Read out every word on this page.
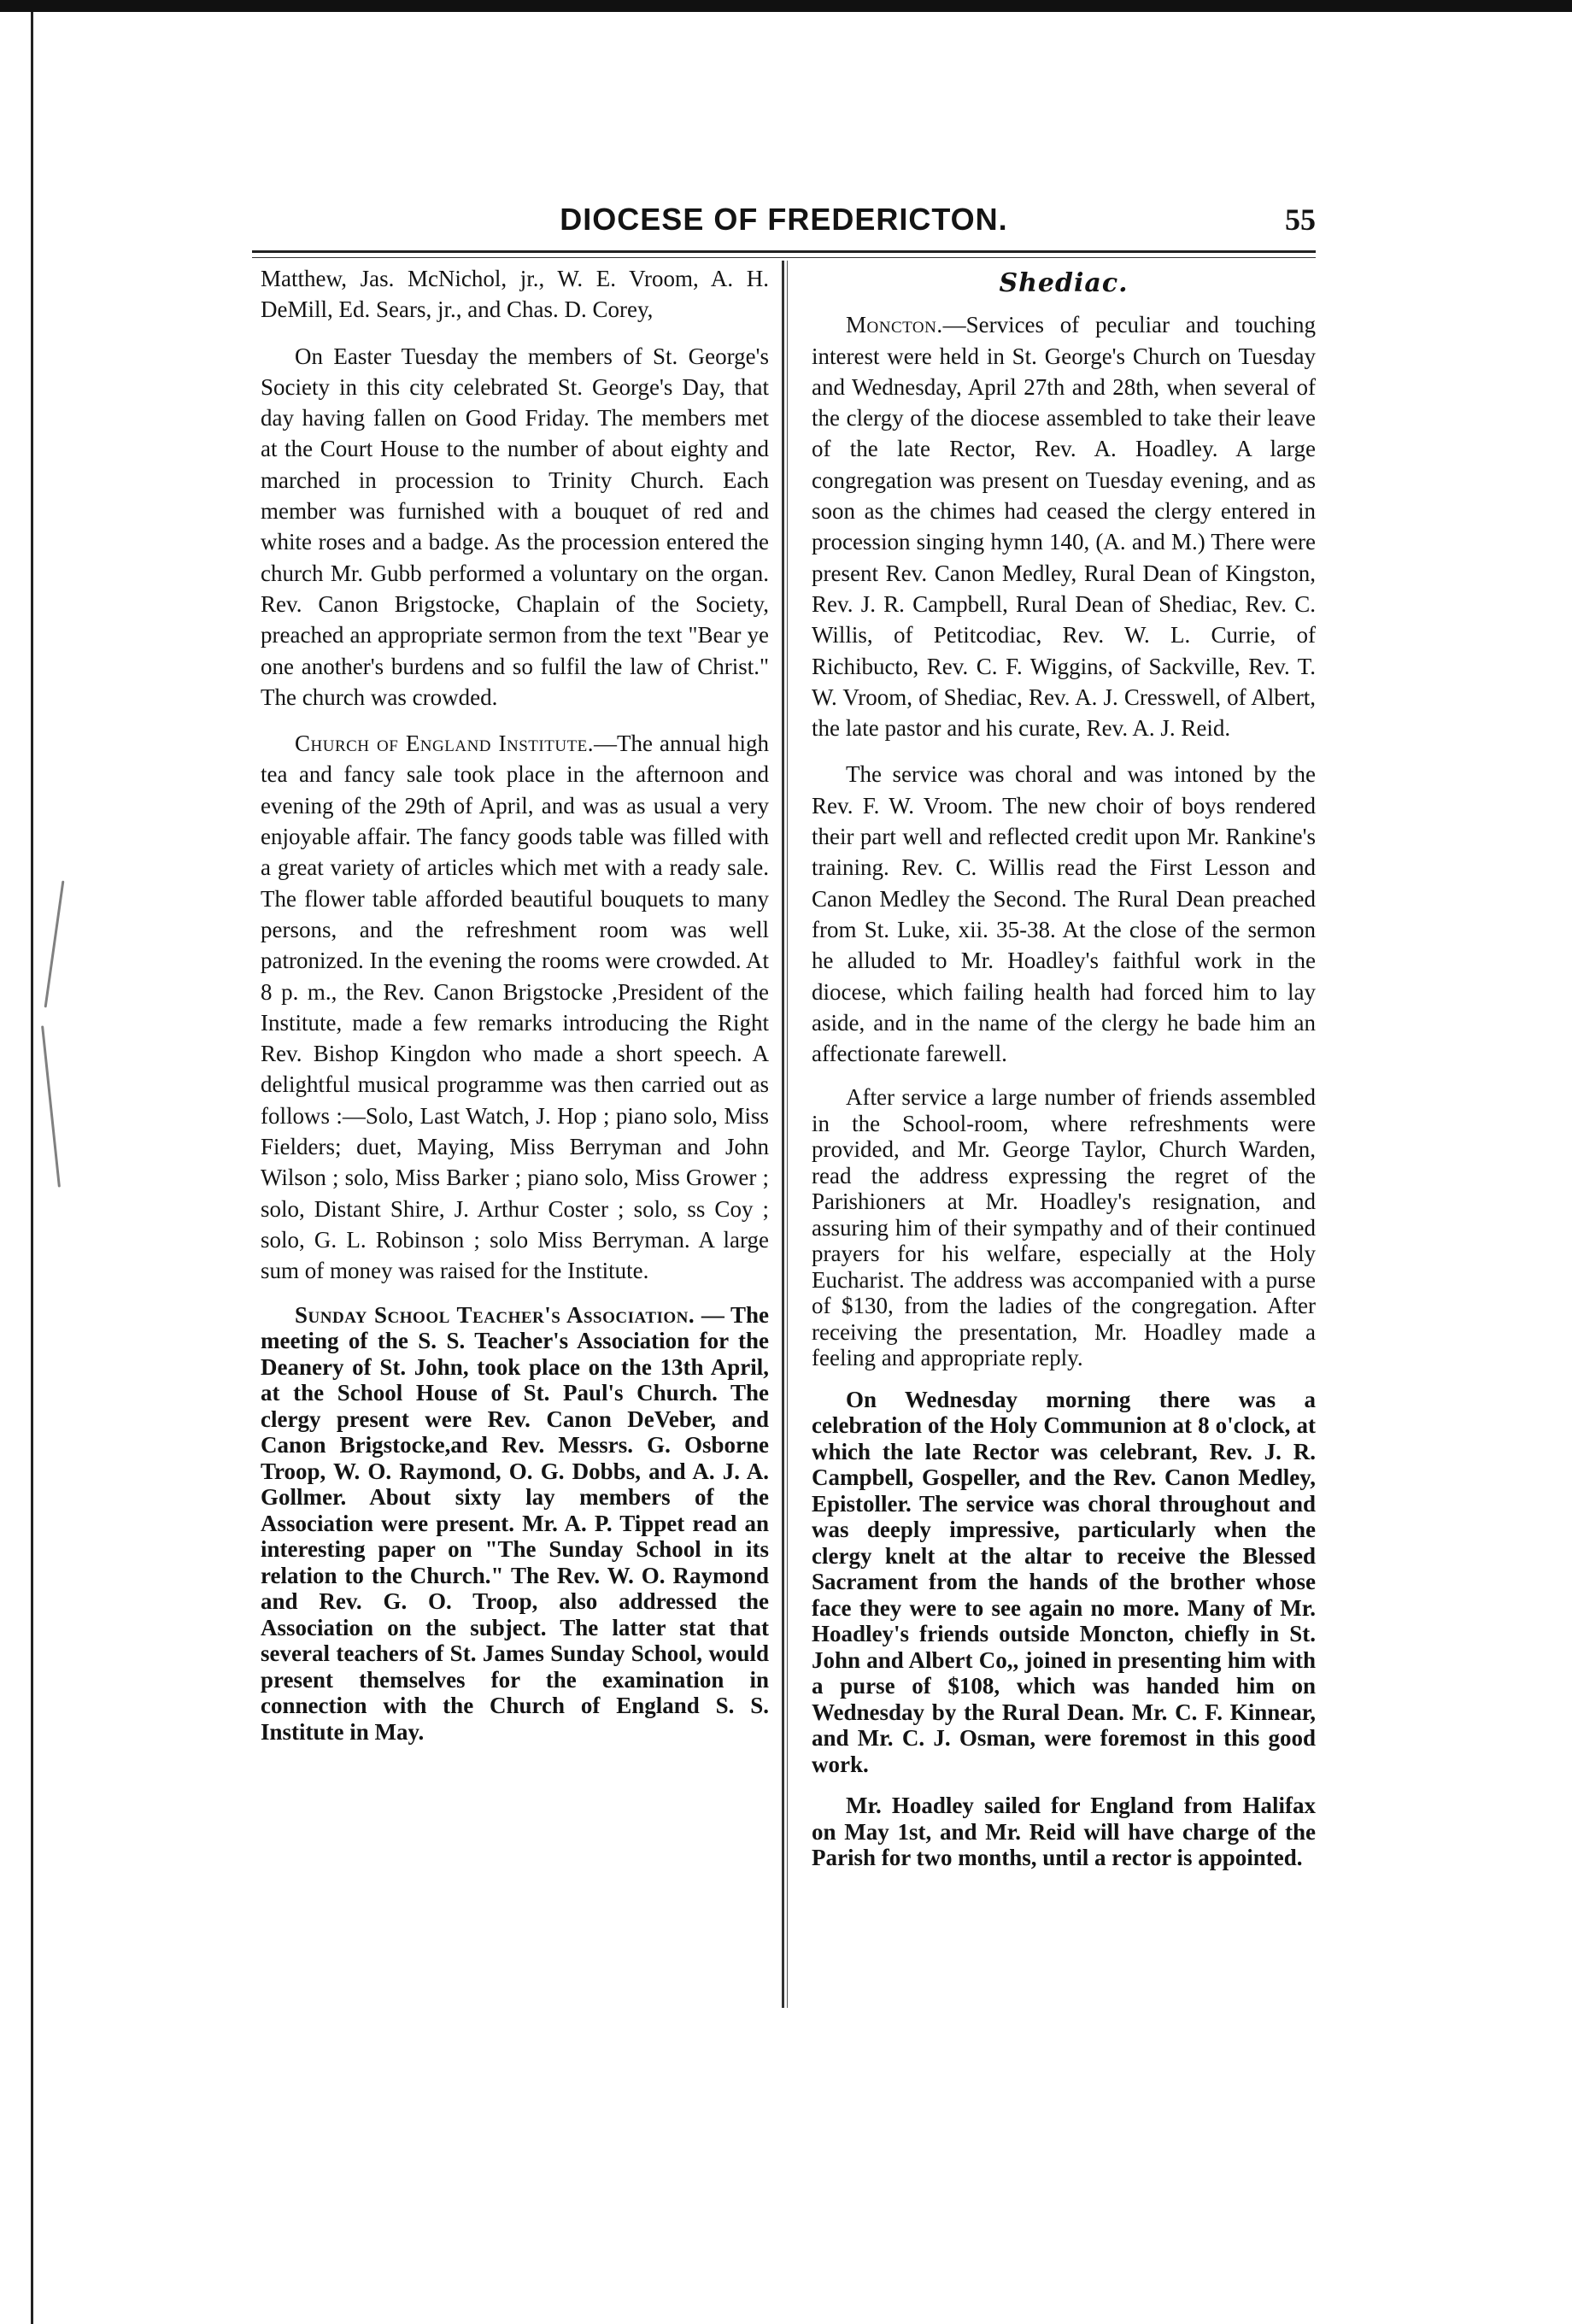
DIOCESE OF FREDERICTON.	55

Matthew, Jas. McNichol, jr., W. E. Vroom, A. H. DeMill, Ed. Sears, jr., and Chas. D. Corey,

On Easter Tuesday the members of St. George's Society in this city celebrated St. George's Day, that day having fallen on Good Friday. The members met at the Court House to the number of about eighty and marched in procession to Trinity Church. Each member was furnished with a bouquet of red and white roses and a badge. As the procession entered the church Mr. Gubb performed a voluntary on the organ. Rev. Canon Brigstocke, Chaplain of the Society, preached an appropriate sermon from the text "Bear ye one another's burdens and so fulfil the law of Christ." The church was crowded.

Church of England Institute.—The annual high tea and fancy sale took place in the afternoon and evening of the 29th of April, and was as usual a very enjoyable affair. The fancy goods table was filled with a great variety of articles which met with a ready sale. The flower table afforded beautiful bouquets to many persons, and the refreshment room was well patronized. In the evening the rooms were crowded. At 8 p. m., the Rev. Canon Brigstocke ,President of the Institute, made a few remarks introducing the Right Rev. Bishop Kingdon who made a short speech. A delightful musical programme was then carried out as follows :—Solo, Last Watch, J. Hop ; piano solo, Miss Fielders; duet, Maying, Miss Berryman and John Wilson ; solo, Miss Barker ; piano solo, Miss Grower ; solo, Distant Shire, J. Arthur Coster ; solo, ss Coy ; solo, G. L. Robinson ; solo Miss Berryman. A large sum of money was raised for the Institute.

Sunday School Teacher's Association. — The meeting of the S. S. Teacher's Association for the Deanery of St. John, took place on the 13th April, at the School House of St. Paul's Church. The clergy present were Rev. Canon DeVeber, and Canon Brigstocke,and Rev. Messrs. G. Osborne Troop, W. O. Raymond, O. G. Dobbs, and A. J. A. Gollmer. About sixty lay members of the Association were present. Mr. A. P. Tippet read an interesting paper on "The Sunday School in its relation to the Church." The Rev. W. O. Raymond and Rev. G. O. Troop, also addressed the Association on the subject. The latter stat that several teachers of St. James Sunday School, would present themselves for the examination in connection with the Church of England S. S. Institute in May.

Shediac.

Moncton.—Services of peculiar and touching interest were held in St. George's Church on Tuesday and Wednesday, April 27th and 28th, when several of the clergy of the diocese assembled to take their leave of the late Rector, Rev. A. Hoadley. A large congregation was present on Tuesday evening, and as soon as the chimes had ceased the clergy entered in procession singing hymn 140, (A. and M.) There were present Rev. Canon Medley, Rural Dean of Kingston, Rev. J. R. Campbell, Rural Dean of Shediac, Rev. C. Willis, of Petitcodiac, Rev. W. L. Currie, of Richibucto, Rev. C. F. Wiggins, of Sackville, Rev. T. W. Vroom, of Shediac, Rev. A. J. Cresswell, of Albert, the late pastor and his curate, Rev. A. J. Reid.

The service was choral and was intoned by the Rev. F. W. Vroom. The new choir of boys rendered their part well and reflected credit upon Mr. Rankine's training. Rev. C. Willis read the First Lesson and Canon Medley the Second. The Rural Dean preached from St. Luke, xii. 35-38. At the close of the sermon he alluded to Mr. Hoadley's faithful work in the diocese, which failing health had forced him to lay aside, and in the name of the clergy he bade him an affectionate farewell.

After service a large number of friends assembled in the School-room, where refreshments were provided, and Mr. George Taylor, Church Warden, read the address expressing the regret of the Parishioners at Mr. Hoadley's resignation, and assuring him of their sympathy and of their continued prayers for his welfare, especially at the Holy Eucharist. The address was accompanied with a purse of $130, from the ladies of the congregation. After receiving the presentation, Mr. Hoadley made a feeling and appropriate reply.

On Wednesday morning there was a celebration of the Holy Communion at 8 o'clock, at which the late Rector was celebrant, Rev. J. R. Campbell, Gospeller, and the Rev. Canon Medley, Epistoller. The service was choral throughout and was deeply impressive, particularly when the clergy knelt at the altar to receive the Blessed Sacrament from the hands of the brother whose face they were to see again no more. Many of Mr. Hoadley's friends outside Moncton, chiefly in St. John and Albert Co,, joined in presenting him with a purse of $108, which was handed him on Wednesday by the Rural Dean. Mr. C. F. Kinnear, and Mr. C. J. Osman, were foremost in this good work.

Mr. Hoadley sailed for England from Halifax on May 1st, and Mr. Reid will have charge of the Parish for two months, until a rector is appointed.
